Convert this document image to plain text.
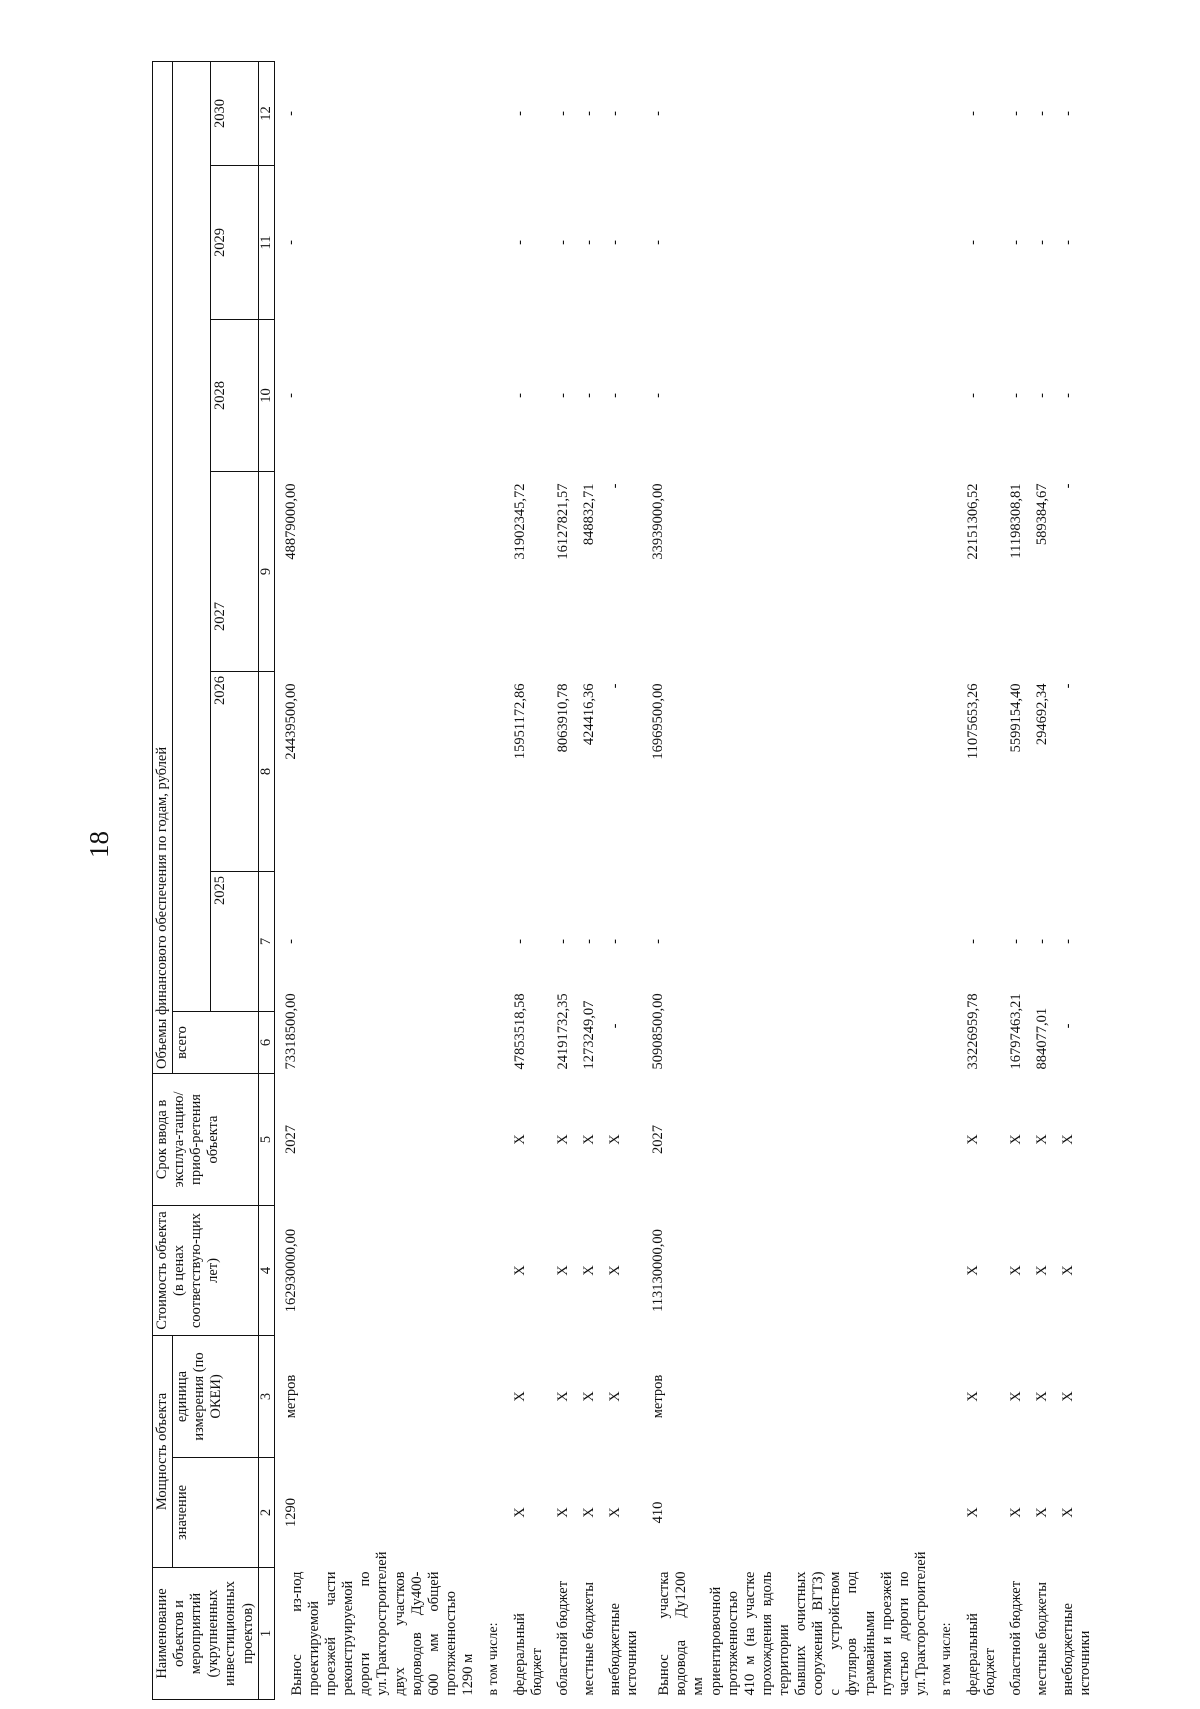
18
Наименование объектов и мероприятий (укрупненных инвестиционных проектов)	Мощность объекта		Стоимость объекта (в ценах соответствую-щих лет)	Срок ввода в эксплуа-тацию/приоб-ретения объекта	Объемы финансового обеспечения по годам, рублей						
	значение	единица измерения (по ОКЕИ)			всего						
						2025	2026	2027	2028	2029	2030
1	2	3	4	5	6	7	8	9	10	11	12
Вынос из-под проектируемой проезжей части реконструируемой дороги по ул.Тракторостроителей двух участков водоводов Ду400-600 мм общей протяженностью 1290 м	1290	метров	162930000,00	2027	73318500,00	-	24439500,00	48879000,00	-	-	-
в том числе:											
федеральный бюджет	X	X	X	X	47853518,58	-	15951172,86	31902345,72	-	-	-
областной бюджет	X	X	X	X	24191732,35	-	8063910,78	16127821,57	-	-	-
местные бюджеты	X	X	X	X	1273249,07	-	424416,36	848832,71	-	-	-
внебюджетные источники	X	X	X	X	-	-	-	-	-	-	-
Вынос участка водовода Ду1200 мм ориентировочной протяженностью 410 м (на участке прохождения вдоль территории бывших очистных сооружений ВГТЗ) с устройством футляров под трамвайными путями и проезжей частью дороги по ул.Тракторостроителей	410	метров	113130000,00	2027	50908500,00	-	16969500,00	33939000,00	-	-	-
в том числе:											
федеральный бюджет	X	X	X	X	33226959,78	-	11075653,26	22151306,52	-	-	-
областной бюджет	X	X	X	X	16797463,21	-	5599154,40	11198308,81	-	-	-
местные бюджеты	X	X	X	X	884077,01	-	294692,34	589384,67	-	-	-
внебюджетные источники	X	X	X	X	-	-	-	-	-	-	-
